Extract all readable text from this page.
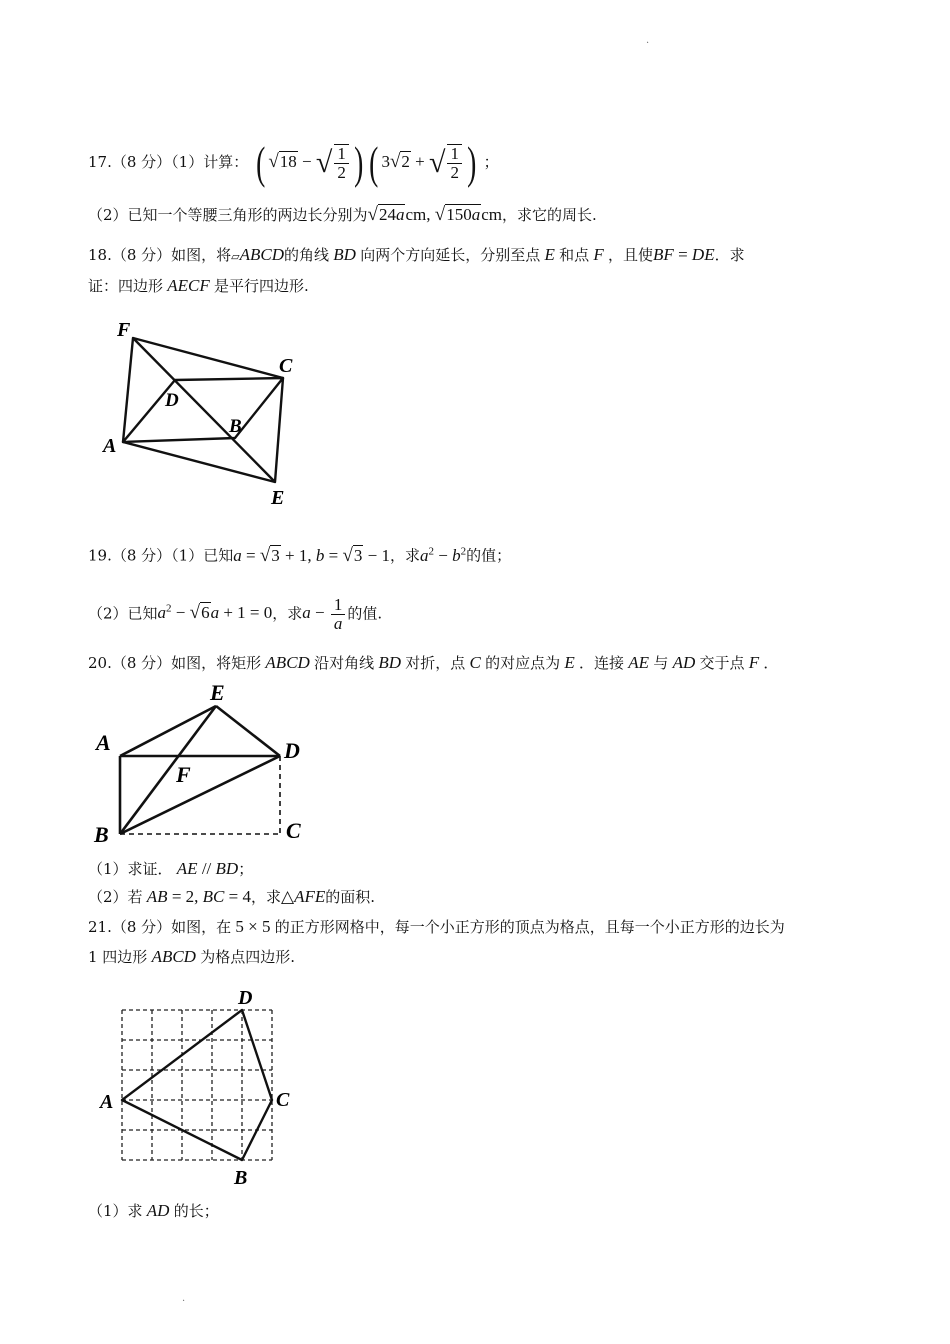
·
17.（8 分）（1）计算： ( √18 − √ $\frac{1}{2}$ ) ( 3√2 + √ $\frac{1}{2}$ ) ；
（2）已知一个等腰三角形的两边长分别为√24acm, √150acm，求它的周长.
18.（8 分）如图，将▱ABCD的角线 BD 向两个方向延长，分别至点 E 和点 F ，且使BF = DE．求
证：四边形 AECF 是平行四边形.
F
C
D
B
A
E
19.（8 分）（1）已知a = √3 + 1, b = √3 − 1，求$a^2 - b^2$的值；
（2）已知$a^2 - √6a + 1 = 0$，求$a - \frac{1}{a}$ 的值.
20.（8 分）如图，将矩形 ABCD 沿对角线 BD 对折，点 C 的对应点为 E ．连接 AE 与 AD 交于点 F ．
E
A	D
F
B	C
（1）求证． AE // BD；
（2）若 AB = 2, BC = 4，求△AFE的面积.
21.（8 分）如图，在 5 × 5 的正方形网格中，每一个小正方形的顶点为格点，且每一个小正方形的边长为
1 四边形 ABCD 为格点四边形.
D
A	C
B
（1）求 AD 的长；
·
